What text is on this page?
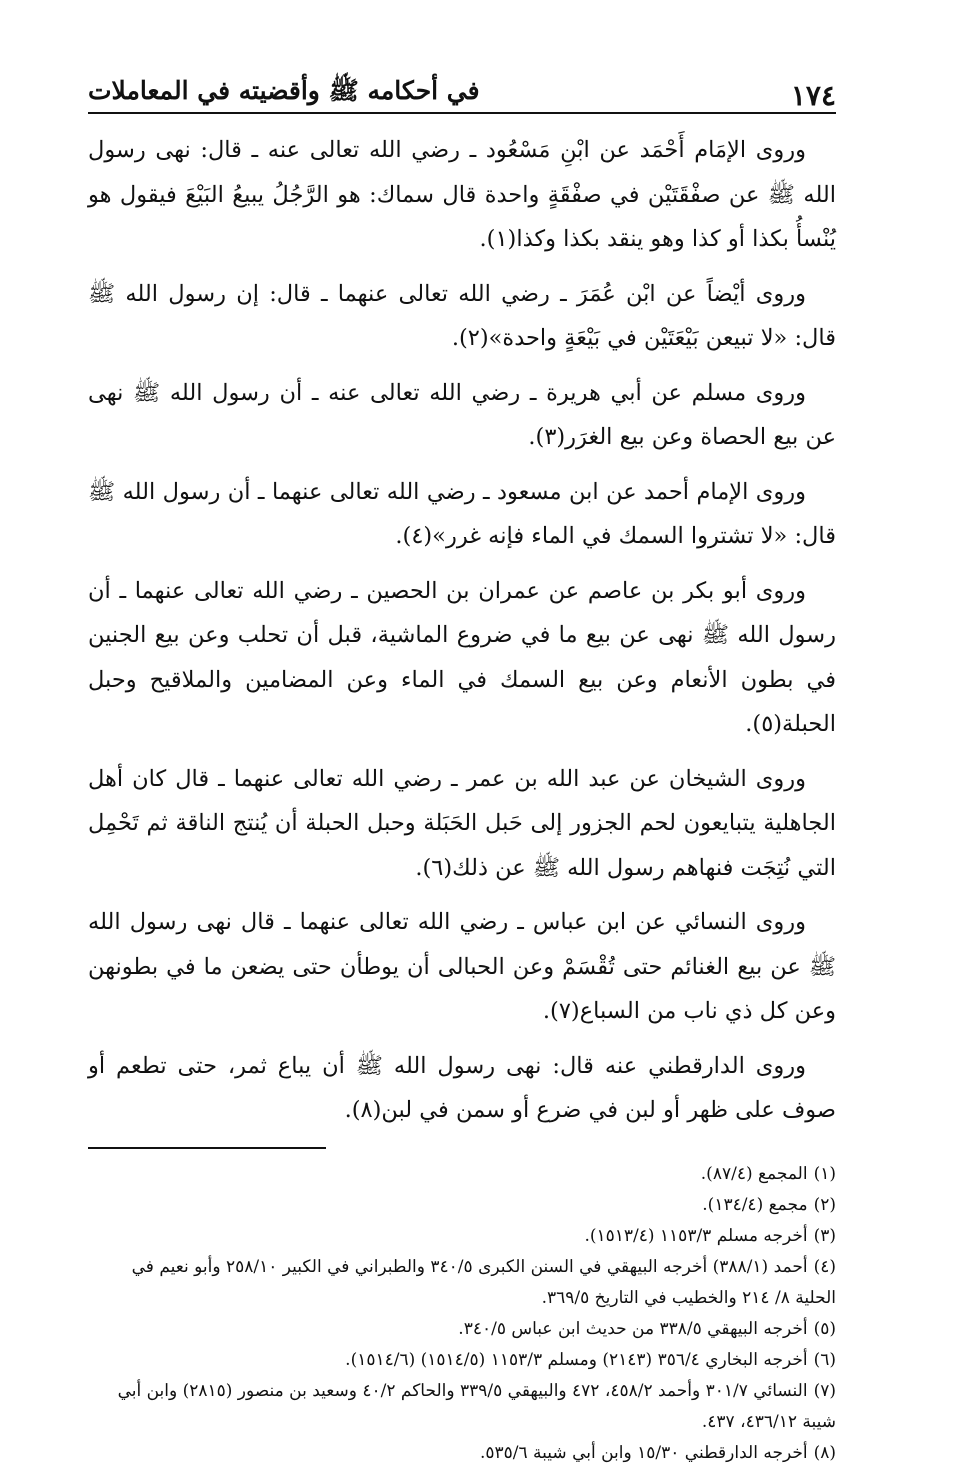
١٧٤
في أحكامه ﷺ وأقضيته في المعاملات

وروى الإمَام أَحْمَد عن ابْنِ مَسْعُود ـ رضي الله تعالى عنه ـ قال: نهى رسول الله ﷺ عن صفْقَتَيْن في صفْقَةٍ واحدة قال سماك: هو الرَّجُلُ يبيعُ البَيْعَ فيقول هو يُنْسأُ بكذا أو كذا وهو ينقد بكذا وكذا(١).

وروى أيْضاً عن ابْن عُمَرَ ـ رضي الله تعالى عنهما ـ قال: إن رسول الله ﷺ قال: «لا تبيعن بَيْعَتَيْن في بَيْعَةٍ واحدة»(٢).

وروى مسلم عن أبي هريرة ـ رضي الله تعالى عنه ـ أن رسول الله ﷺ نهى عن بيع الحصاة وعن بيع الغرَر(٣).

وروى الإمام أحمد عن ابن مسعود ـ رضي الله تعالى عنهما ـ أن رسول الله ﷺ قال: «لا تشتروا السمك في الماء فإنه غرر»(٤).

وروى أبو بكر بن عاصم عن عمران بن الحصين ـ رضي الله تعالى عنهما ـ أن رسول الله ﷺ نهى عن بيع ما في ضروع الماشية، قبل أن تحلب وعن بيع الجنين في بطون الأنعام وعن بيع السمك في الماء وعن المضامين والملاقيح وحبل الحبلة(٥).

وروى الشيخان عن عبد الله بن عمر ـ رضي الله تعالى عنهما ـ قال كان أهل الجاهلية يتبايعون لحم الجزور إلى حَبل الحَبَلة وحبل الحبلة أن يُنتج الناقة ثم تَحْمِل التي نُتِجَت فنهاهم رسول الله ﷺ عن ذلك(٦).

وروى النسائي عن ابن عباس ـ رضي الله تعالى عنهما ـ قال نهى رسول الله ﷺ عن بيع الغنائم حتى تُقْسَمْ وعن الحبالى أن يوطأن حتى يضعن ما في بطونهن وعن كل ذي ناب من السباع(٧).

وروى الدارقطني عنه قال: نهى رسول الله ﷺ أن يباع ثمر، حتى تطعم أو صوف على ظهر أو لبن في ضرع أو سمن في لبن(٨).

(١)المجمع (٨٧/٤).

(٢)مجمع (١٣٤/٤).

(٣)أخرجه مسلم ١١٥٣/٣ (١٥١٣/٤).

(٤)أحمد (٣٨٨/١) أخرجه البيهقي في السنن الكبرى ٣٤٠/٥ والطبراني في الكبير ٢٥٨/١٠ وأبو نعيم في الحلية ٨/ ٢١٤ والخطيب في التاريخ ٣٦٩/٥.

(٥)أخرجه البيهقي ٣٣٨/٥ من حديث ابن عباس ٣٤٠/٥.

(٦)أخرجه البخاري ٣٥٦/٤ (٢١٤٣) ومسلم ١١٥٣/٣ (١٥١٤/٥) (١٥١٤/٦).

(٧)النسائي ٣٠١/٧ وأحمد ٤٥٨/٢، ٤٧٢ والبيهقي ٣٣٩/٥ والحاكم ٤٠/٢ وسعيد بن منصور (٢٨١٥) وابن أبي شيبة ٤٣٦/١٢، ٤٣٧.

(٨)أخرجه الدارقطني ١٥/٣٠ وابن أبي شيبة ٥٣٥/٦.
